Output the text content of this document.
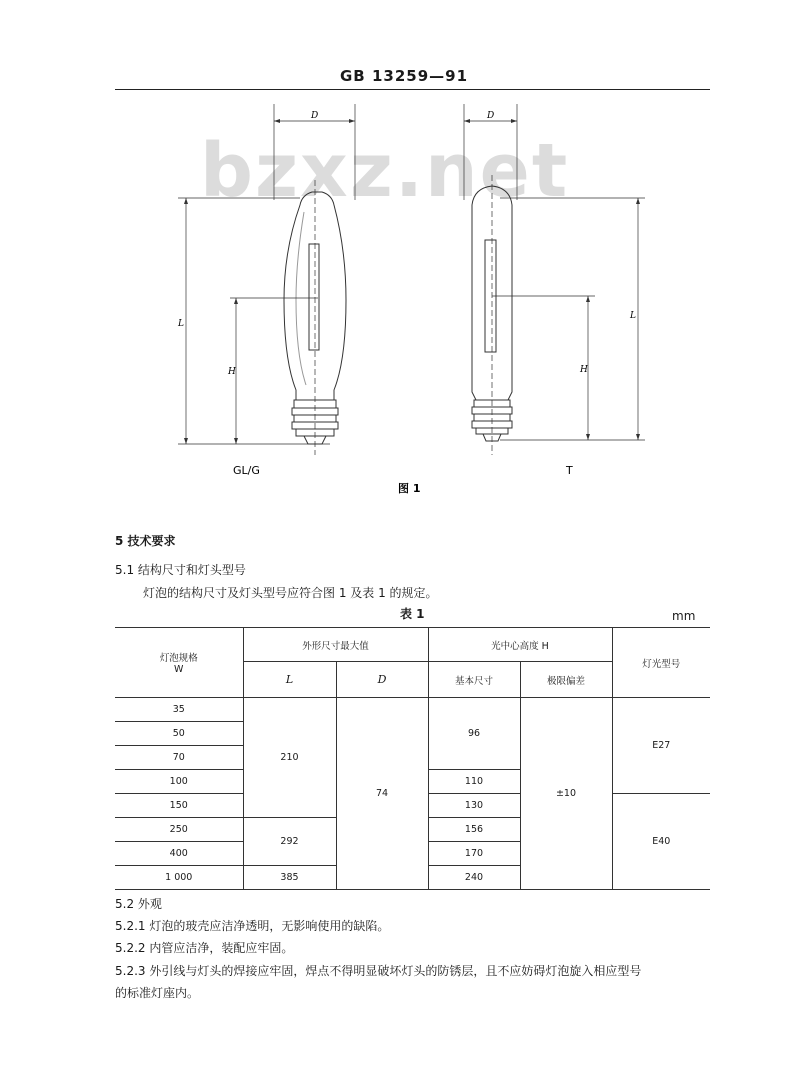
GB 13259—91
bzxz.net
D	D
L
L
H	H
GL/G	T
图 1
5 技术要求
5.1 结构尺寸和灯头型号
灯泡的结构尺寸及灯头型号应符合图 1 及表 1 的规定。
表 1	mm
灯泡规格
W	外形尺寸最大值		光中心高度 H		灯光型号
	L	D	基本尺寸	极限偏差	
35	210	74	96	±10	E27
50					
70					
100			110		
150			130		E40
250	292		156		
400			170		
1 000	385		240		
5.2 外观
5.2.1 灯泡的玻壳应洁净透明，无影响使用的缺陷。
5.2.2 内管应洁净，装配应牢固。
5.2.3 外引线与灯头的焊接应牢固，焊点不得明显破坏灯头的防锈层，且不应妨碍灯泡旋入相应型号
的标准灯座内。
